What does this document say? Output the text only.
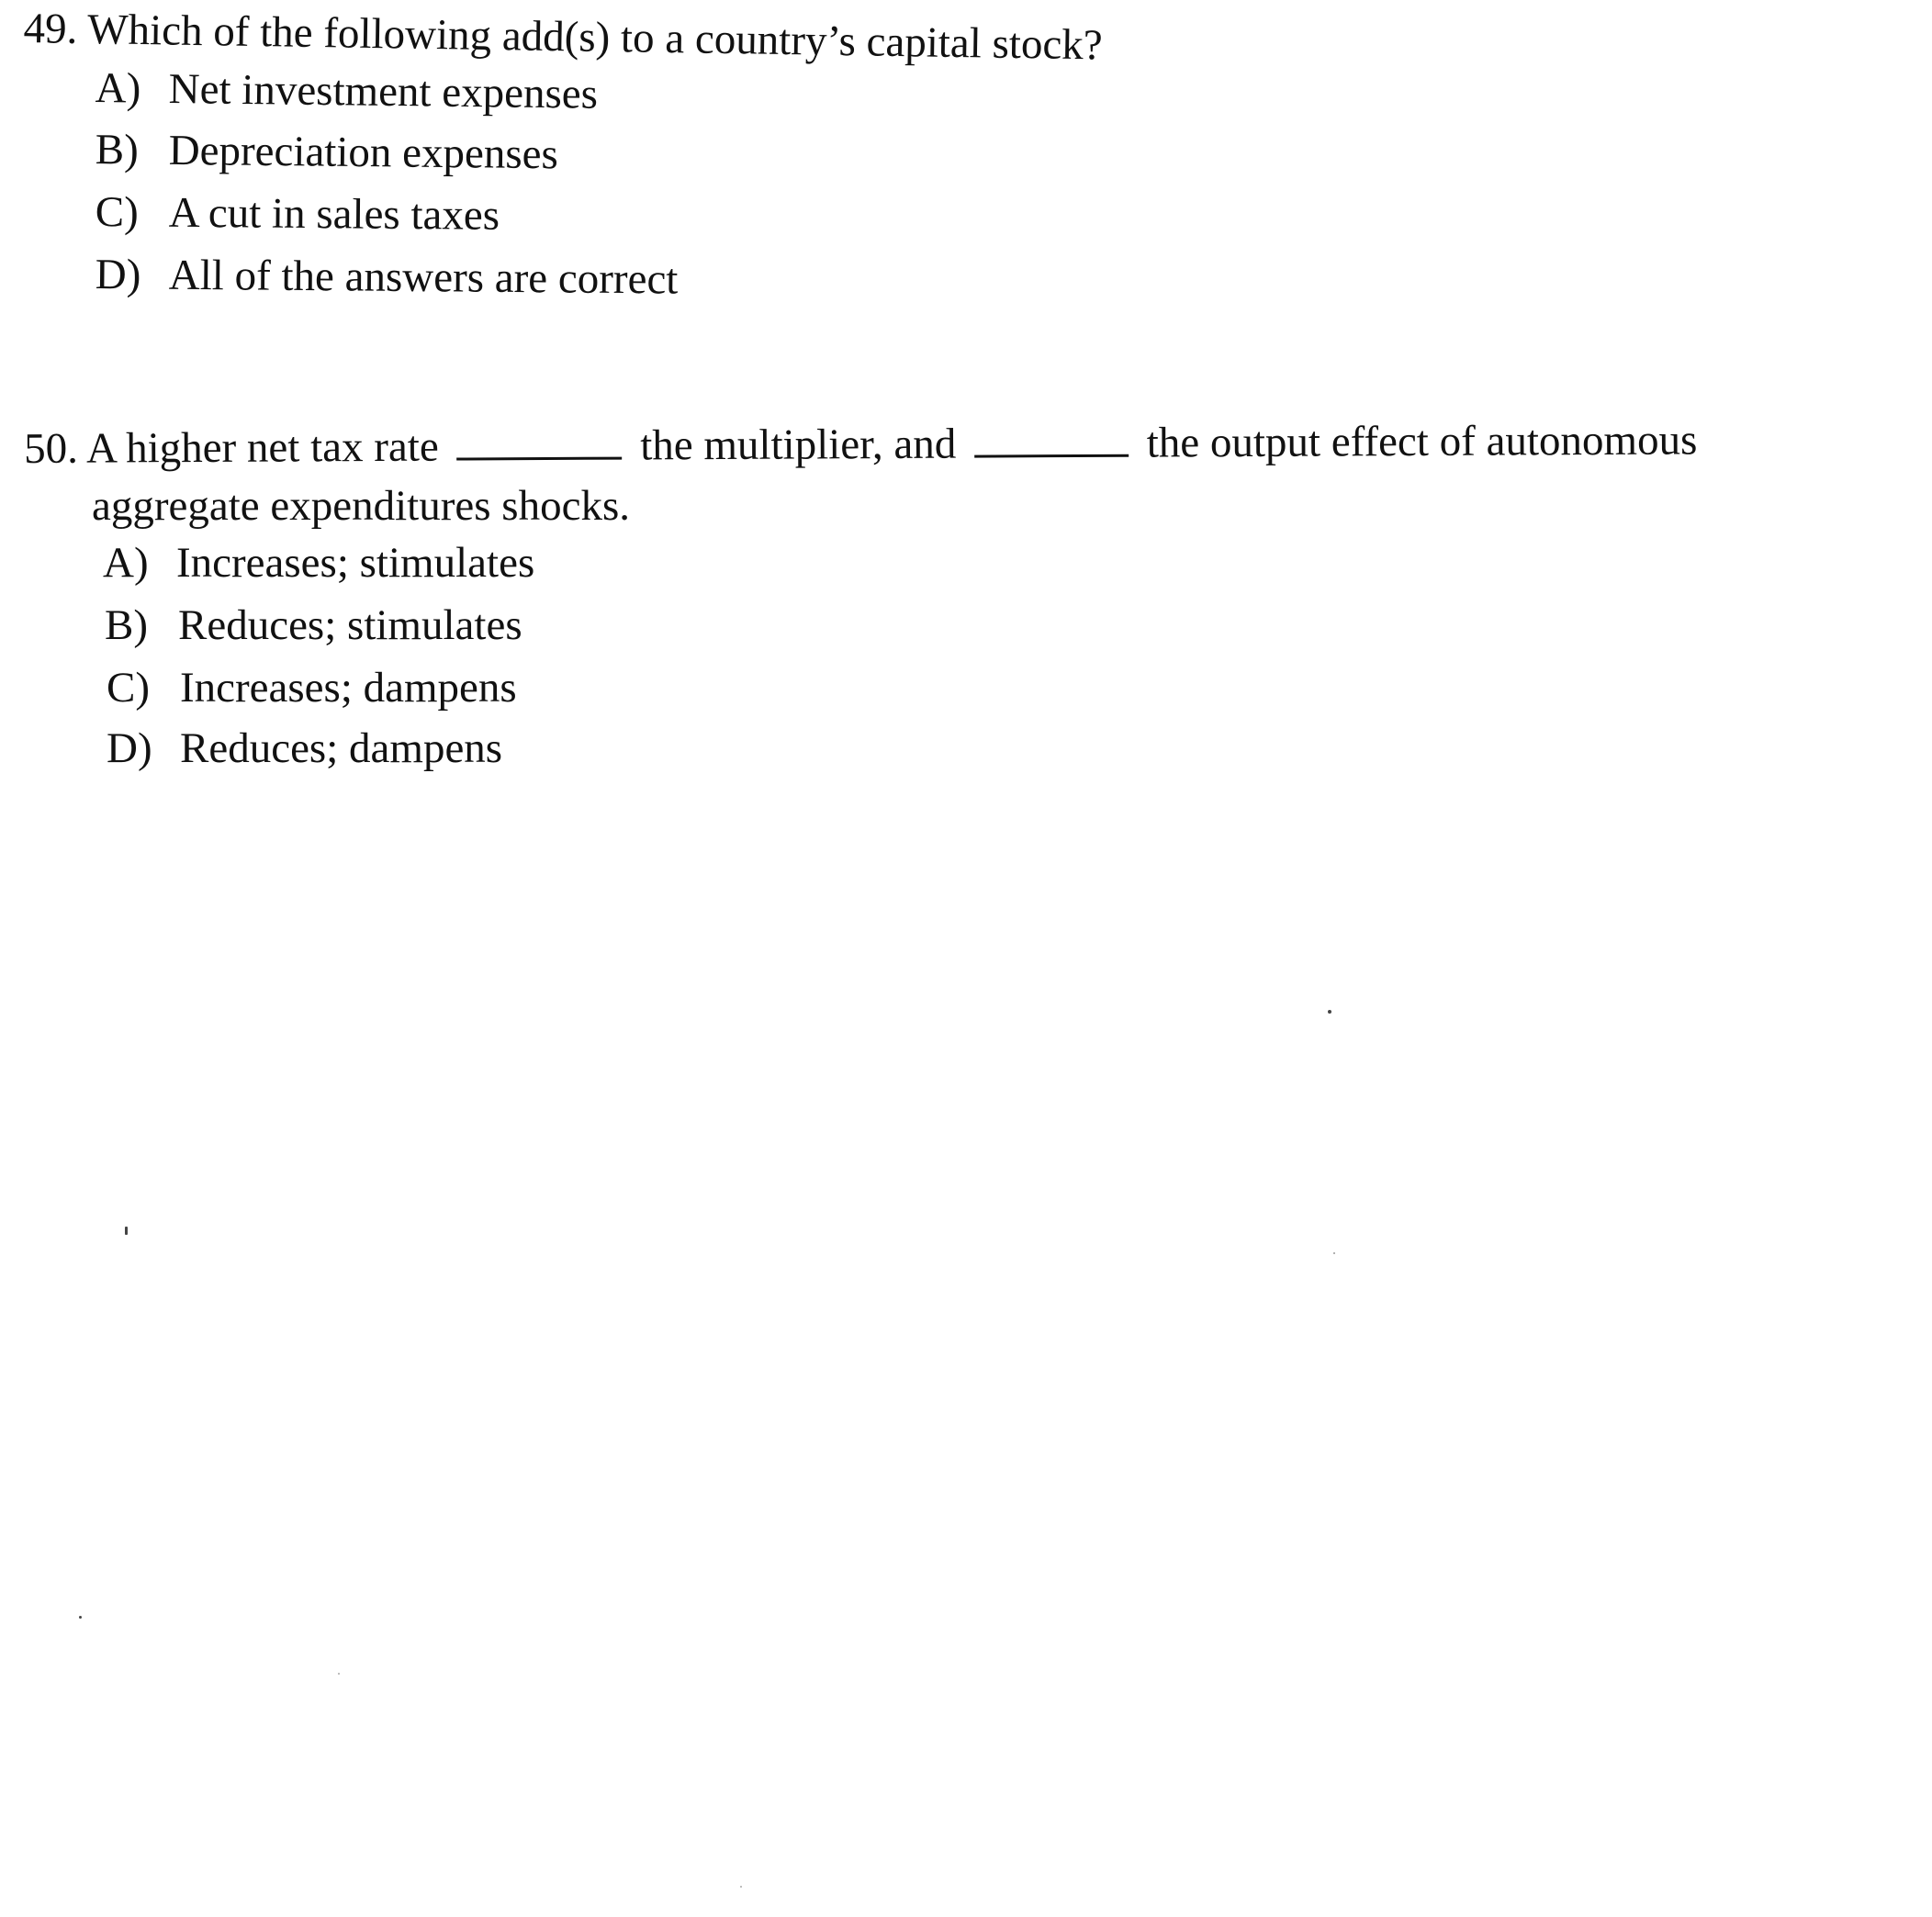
49. Which of the following add(s) to a country’s capital stock?
A) Net investment expenses
B) Depreciation expenses
C) A cut in sales taxes
D) All of the answers are correct
50. A higher net tax rate	the multiplier, and	the output effect of autonomous
aggregate expenditures shocks.
A) Increases; stimulates
B) Reduces; stimulates
C) Increases; dampens
D) Reduces; dampens
